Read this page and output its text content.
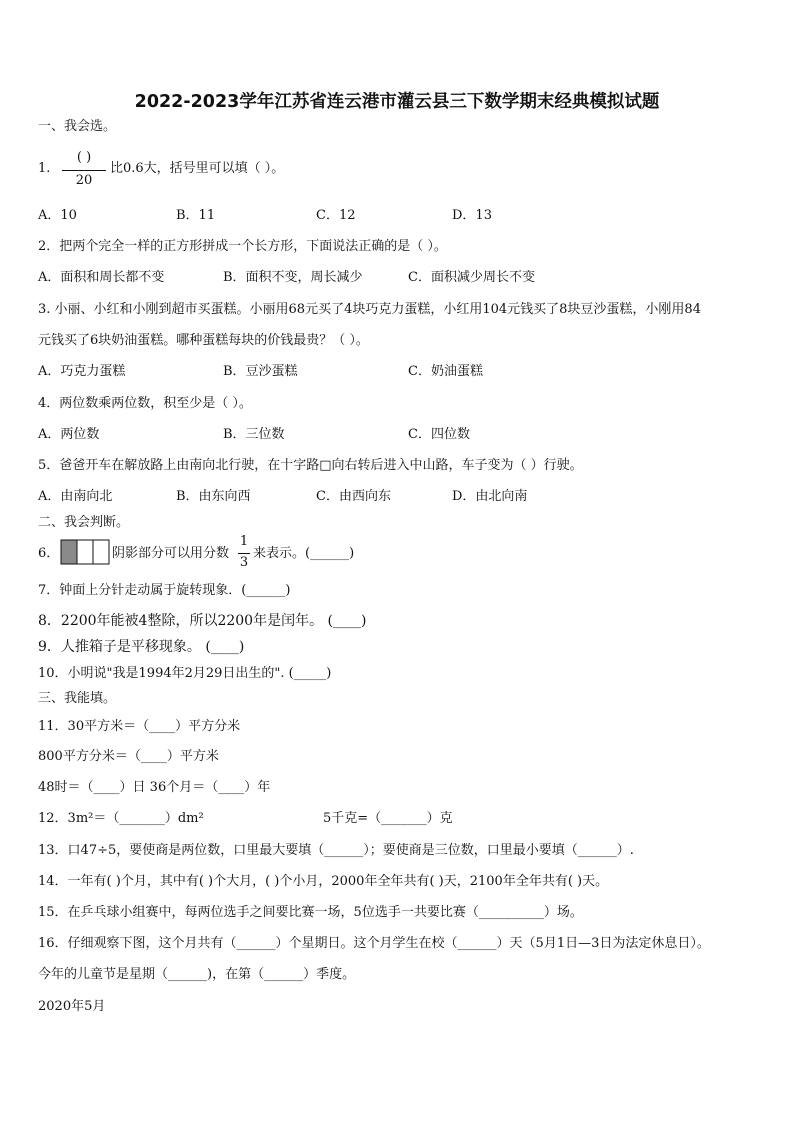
2022-2023学年江苏省连云港市灌云县三下数学期末经典模拟试题
一、我会选。
1.
( )
20
比0.6大，括号里可以填（ ）。
A．10	B．11	C．12	D．13
2．把两个完全一样的正方形拼成一个长方形，下面说法正确的是（ ）。
A．面积和周长都不变	B．面积不变，周长减少	C．面积减少周长不变
3. 小丽、小红和小刚到超市买蛋糕。小丽用68元买了4块巧克力蛋糕，小红用104元钱买了8块豆沙蛋糕，小刚用84
元钱买了6块奶油蛋糕。哪种蛋糕每块的价钱最贵？（ ）。
A．巧克力蛋糕	B．豆沙蛋糕	C．奶油蛋糕
4．两位数乘两位数，积至少是（ ）。
A．两位数	B．三位数	C．四位数
5．爸爸开车在解放路上由南向北行驶，在十字路□向右转后进入中山路，车子变为（ ）行驶。
A．由南向北	B．由东向西	C．由西向东	D．由北向南
二、我会判断。
6．	阴影部分可以用分数
1
3
来表示。(______)
7．钟面上分针走动属于旋转现象．(______)
8．2200年能被4整除，所以2200年是闰年。 (____)
9．人推箱子是平移现象。 (____)
10．小明说"我是1994年2月29日出生的". (_____)
三、我能填。
11．30平方米＝（____）平方分米
800平方分米＝（____）平方米
48时＝（____）日 36个月＝（____）年
12．3m²＝（_______）dm²	5千克=（_______）克
13．口47÷5，要使商是两位数，口里最大要填（______）；要使商是三位数，口里最小要填（______）.
14．一年有( )个月，其中有( )个大月，( )个小月，2000年全年共有( )天，2100年全年共有( )天。
15．在乒乓球小组赛中，每两位选手之间要比赛一场，5位选手一共要比赛（__________）场。
16．仔细观察下图，这个月共有（______）个星期日。这个月学生在校（______）天（5月1日—3日为法定休息日）。
今年的儿童节是星期（______)，在第（______）季度。
2020年5月
